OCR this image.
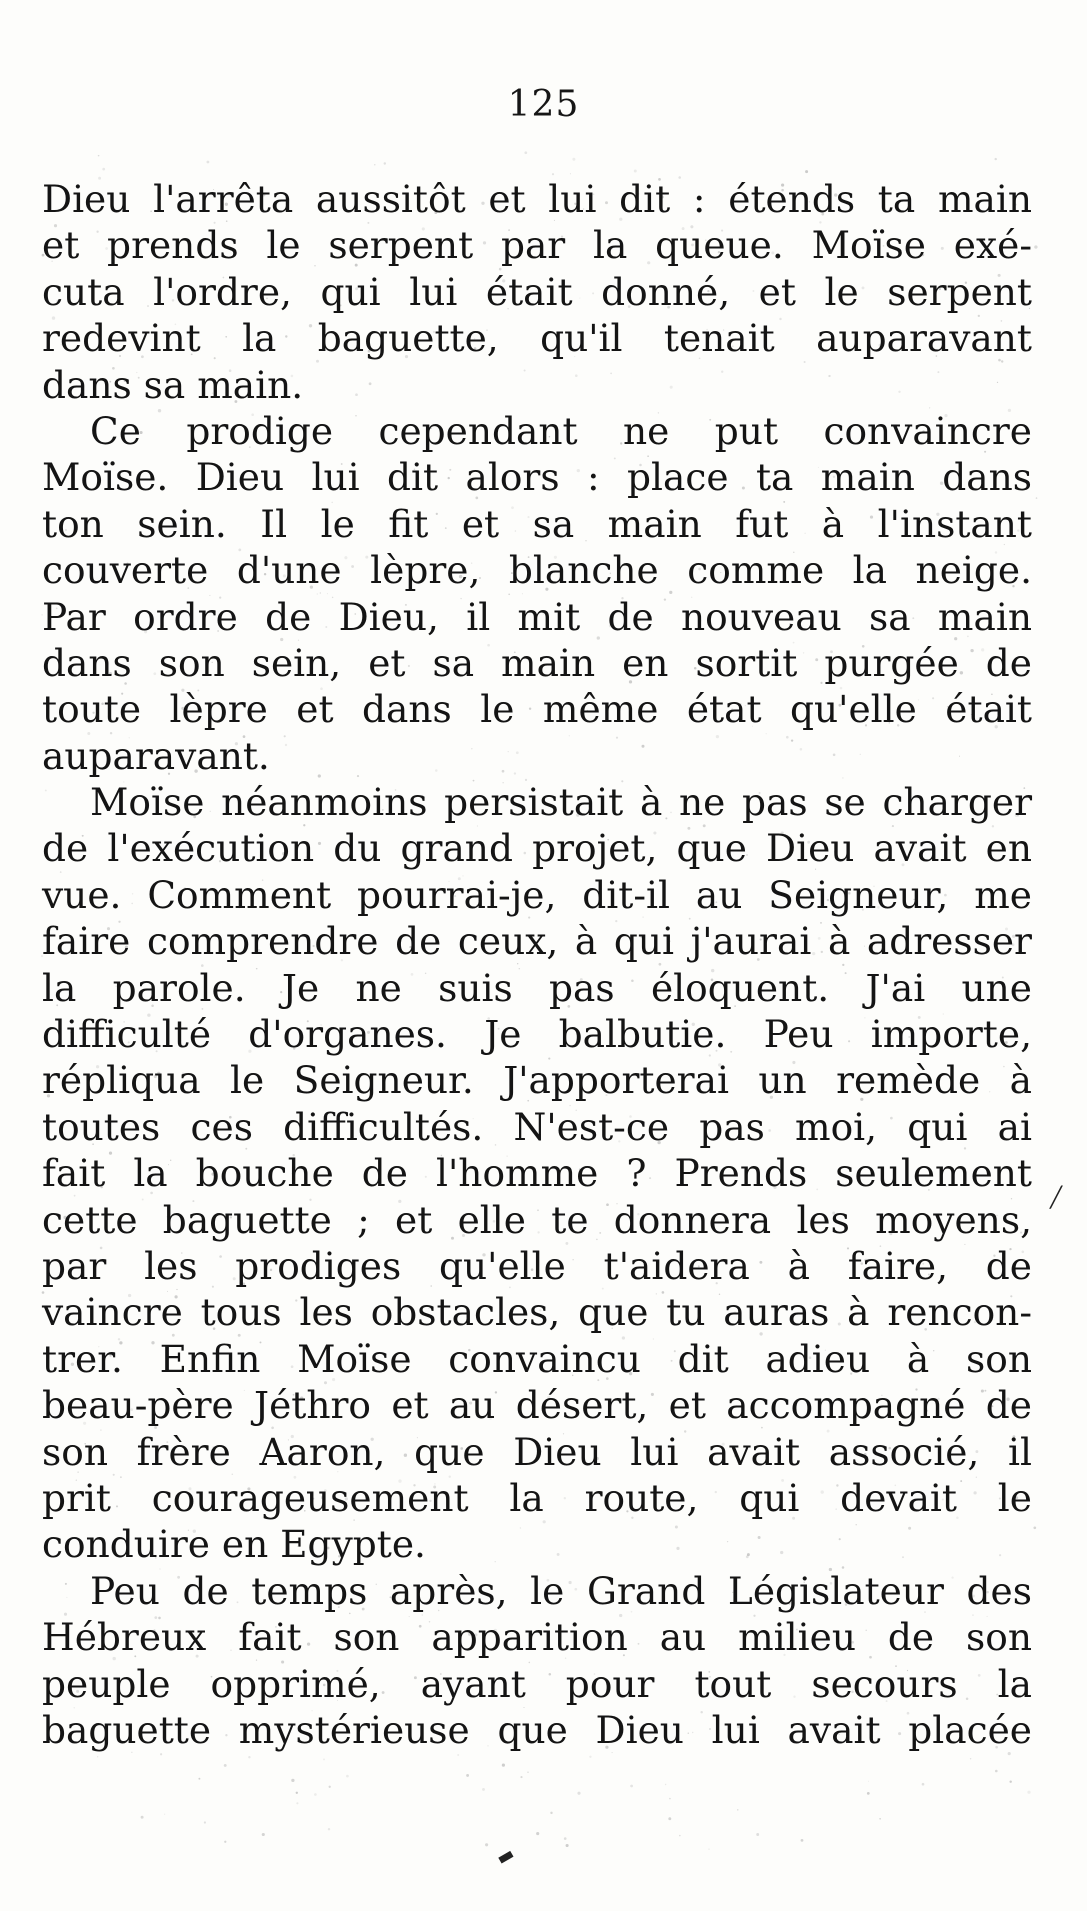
125
Dieu l'arrêta aussitôt et lui dit : étends ta main
et prends le serpent par la queue. Moïse exé-
cuta l'ordre, qui lui était donné, et le serpent
redevint la baguette, qu'il tenait auparavant
dans sa main.
Ce prodige cependant ne put convaincre
Moïse. Dieu lui dit alors : place ta main dans
ton sein. Il le fit et sa main fut à l'instant
couverte d'une lèpre, blanche comme la neige.
Par ordre de Dieu, il mit de nouveau sa main
dans son sein, et sa main en sortit purgée de
toute lèpre et dans le même état qu'elle était
auparavant.
Moïse néanmoins persistait à ne pas se charger
de l'exécution du grand projet, que Dieu avait en
vue. Comment pourrai-je, dit-il au Seigneur, me
faire comprendre de ceux, à qui j'aurai à adresser
la parole. Je ne suis pas éloquent. J'ai une
difficulté d'organes. Je balbutie. Peu importe,
répliqua le Seigneur. J'apporterai un remède à
toutes ces difficultés. N'est-ce pas moi, qui ai
fait la bouche de l'homme ? Prends seulement
cette baguette ; et elle te donnera les moyens,
par les prodiges qu'elle t'aidera à faire, de
vaincre tous les obstacles, que tu auras à rencon-
trer. Enfin Moïse convaincu dit adieu à son
beau-père Jéthro et au désert, et accompagné de
son frère Aaron, que Dieu lui avait associé, il
prit courageusement la route, qui devait le
conduire en Egypte.
Peu de temps après, le Grand Législateur des
Hébreux fait son apparition au milieu de son
peuple opprimé, ayant pour tout secours la
baguette mystérieuse que Dieu lui avait placée
╱
▬
